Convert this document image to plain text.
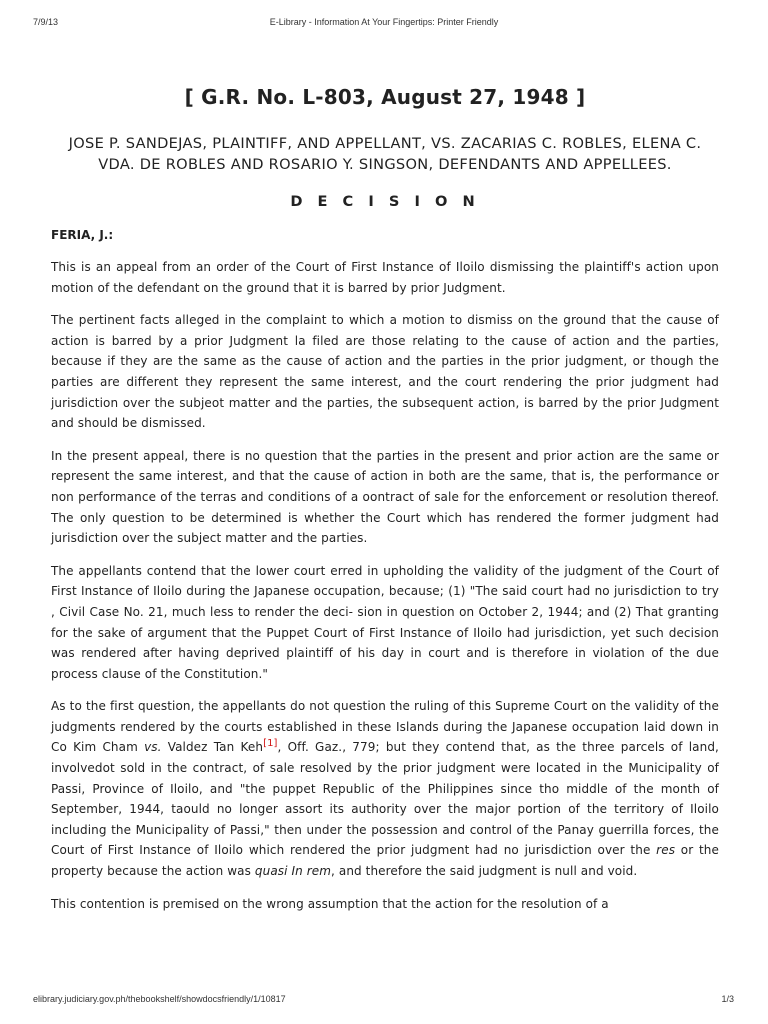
7/9/13	E-Library - Information At Your Fingertips: Printer Friendly
[ G.R. No. L-803, August 27, 1948 ]

JOSE P. SANDEJAS, PLAINTIFF, AND APPELLANT, VS. ZACARIAS C. ROBLES, ELENA C. VDA. DE ROBLES AND ROSARIO Y. SINGSON, DEFENDANTS AND APPELLEES.

D E C I S I O N

FERIA, J.:

This is an appeal from an order of the Court of First Instance of Iloilo dismissing the plaintiff's action upon motion of the defendant on the ground that it is barred by prior Judgment.

The pertinent facts alleged in the complaint to which a motion to dismiss on the ground that the cause of action is barred by a prior Judgment la filed are those relating to the cause of action and the parties, because if they are the same as the cause of action and the parties in the prior judgment, or though the parties are different they represent the same interest, and the court rendering the prior judgment had jurisdiction over the subjeot matter and the parties, the subsequent action, is barred by the prior Judgment and should be dismissed.

In the present appeal, there is no question that the parties in the present and prior action are the same or represent the same interest, and that the cause of action in both are the same, that is, the performance or non performance of the terras and conditions of a oontract of sale for the enforcement or resolution thereof. The only question to be determined is whether the Court which has rendered the former judgment had jurisdiction over the subject matter and the parties.

The appellants contend that the lower court erred in upholding the validity of the judgment of the Court of First Instance of Iloilo during the Japanese occupation, because; (1) "The said court had no jurisdiction to try , Civil Case No. 21, much less to render the deci- sion in question on October 2, 1944; and (2) That granting for the sake of argument that the Puppet Court of First Instance of Iloilo had jurisdiction, yet such decision was rendered after having deprived plaintiff of his day in court and is therefore in violation of the due process clause of the Constitution."

As to the first question, the appellants do not question the ruling of this Supreme Court on the validity of the judgments rendered by the courts established in these Islands during the Japanese occupation laid down in Co Kim Cham vs. Valdez Tan Keh[1], Off. Gaz., 779; but they contend that, as the three parcels of land, involvedot sold in the contract, of sale resolved by the prior judgment were located in the Municipality of Passi, Province of Iloilo, and "the puppet Republic of the Philippines since tho middle of the month of September, 1944, taould no longer assort its authority over the major portion of the territory of Iloilo including the Municipality of Passi," then under the possession and control of the Panay guerrilla forces, the Court of First Instance of Iloilo which rendered the prior judgment had no jurisdiction over the res or the property because the action was quasi In rem, and therefore the said judgment is null and void.

This contention is premised on the wrong assumption that the action for the resolution of a

elibrary.judiciary.gov.ph/thebookshelf/showdocsfriendly/1/10817	1/3
